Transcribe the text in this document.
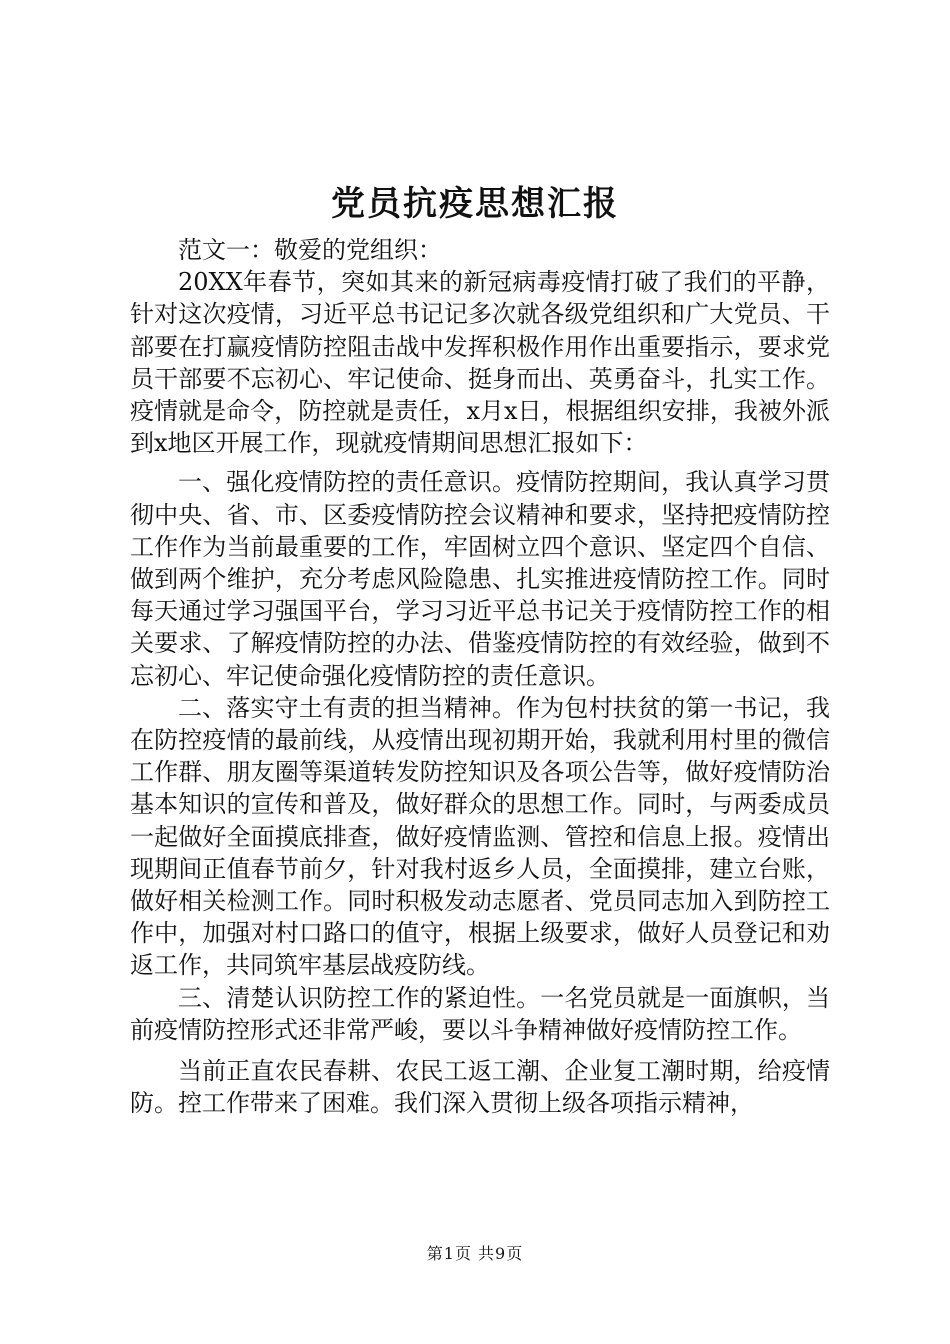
党员抗疫思想汇报

范文一：敬爱的党组织：

20XX年春节，突如其来的新冠病毒疫情打破了我们的平静，针对这次疫情，习近平总书记记多次就各级党组织和广大党员、干部要在打赢疫情防控阻击战中发挥积极作用作出重要指示，要求党员干部要不忘初心、牢记使命、挺身而出、英勇奋斗，扎实工作。疫情就是命令，防控就是责任，x月x日，根据组织安排，我被外派到x地区开展工作，现就疫情期间思想汇报如下：

一、强化疫情防控的责任意识。疫情防控期间，我认真学习贯彻中央、省、市、区委疫情防控会议精神和要求，坚持把疫情防控工作作为当前最重要的工作，牢固树立四个意识、坚定四个自信、做到两个维护，充分考虑风险隐患、扎实推进疫情防控工作。同时每天通过学习强国平台，学习习近平总书记关于疫情防控工作的相关要求、了解疫情防控的办法、借鉴疫情防控的有效经验，做到不忘初心、牢记使命强化疫情防控的责任意识。

二、落实守土有责的担当精神。作为包村扶贫的第一书记，我在防控疫情的最前线，从疫情出现初期开始，我就利用村里的微信工作群、朋友圈等渠道转发防控知识及各项公告等，做好疫情防治基本知识的宣传和普及，做好群众的思想工作。同时，与两委成员一起做好全面摸底排查，做好疫情监测、管控和信息上报。疫情出现期间正值春节前夕，针对我村返乡人员，全面摸排，建立台账，做好相关检测工作。同时积极发动志愿者、党员同志加入到防控工作中，加强对村口路口的值守，根据上级要求，做好人员登记和劝返工作，共同筑牢基层战疫防线。

三、清楚认识防控工作的紧迫性。一名党员就是一面旗帜，当前疫情防控形式还非常严峻，要以斗争精神做好疫情防控工作。

当前正直农民春耕、农民工返工潮、企业复工潮时期，给疫情防。控工作带来了困难。我们深入贯彻上级各项指示精神，

第1页 共9页
